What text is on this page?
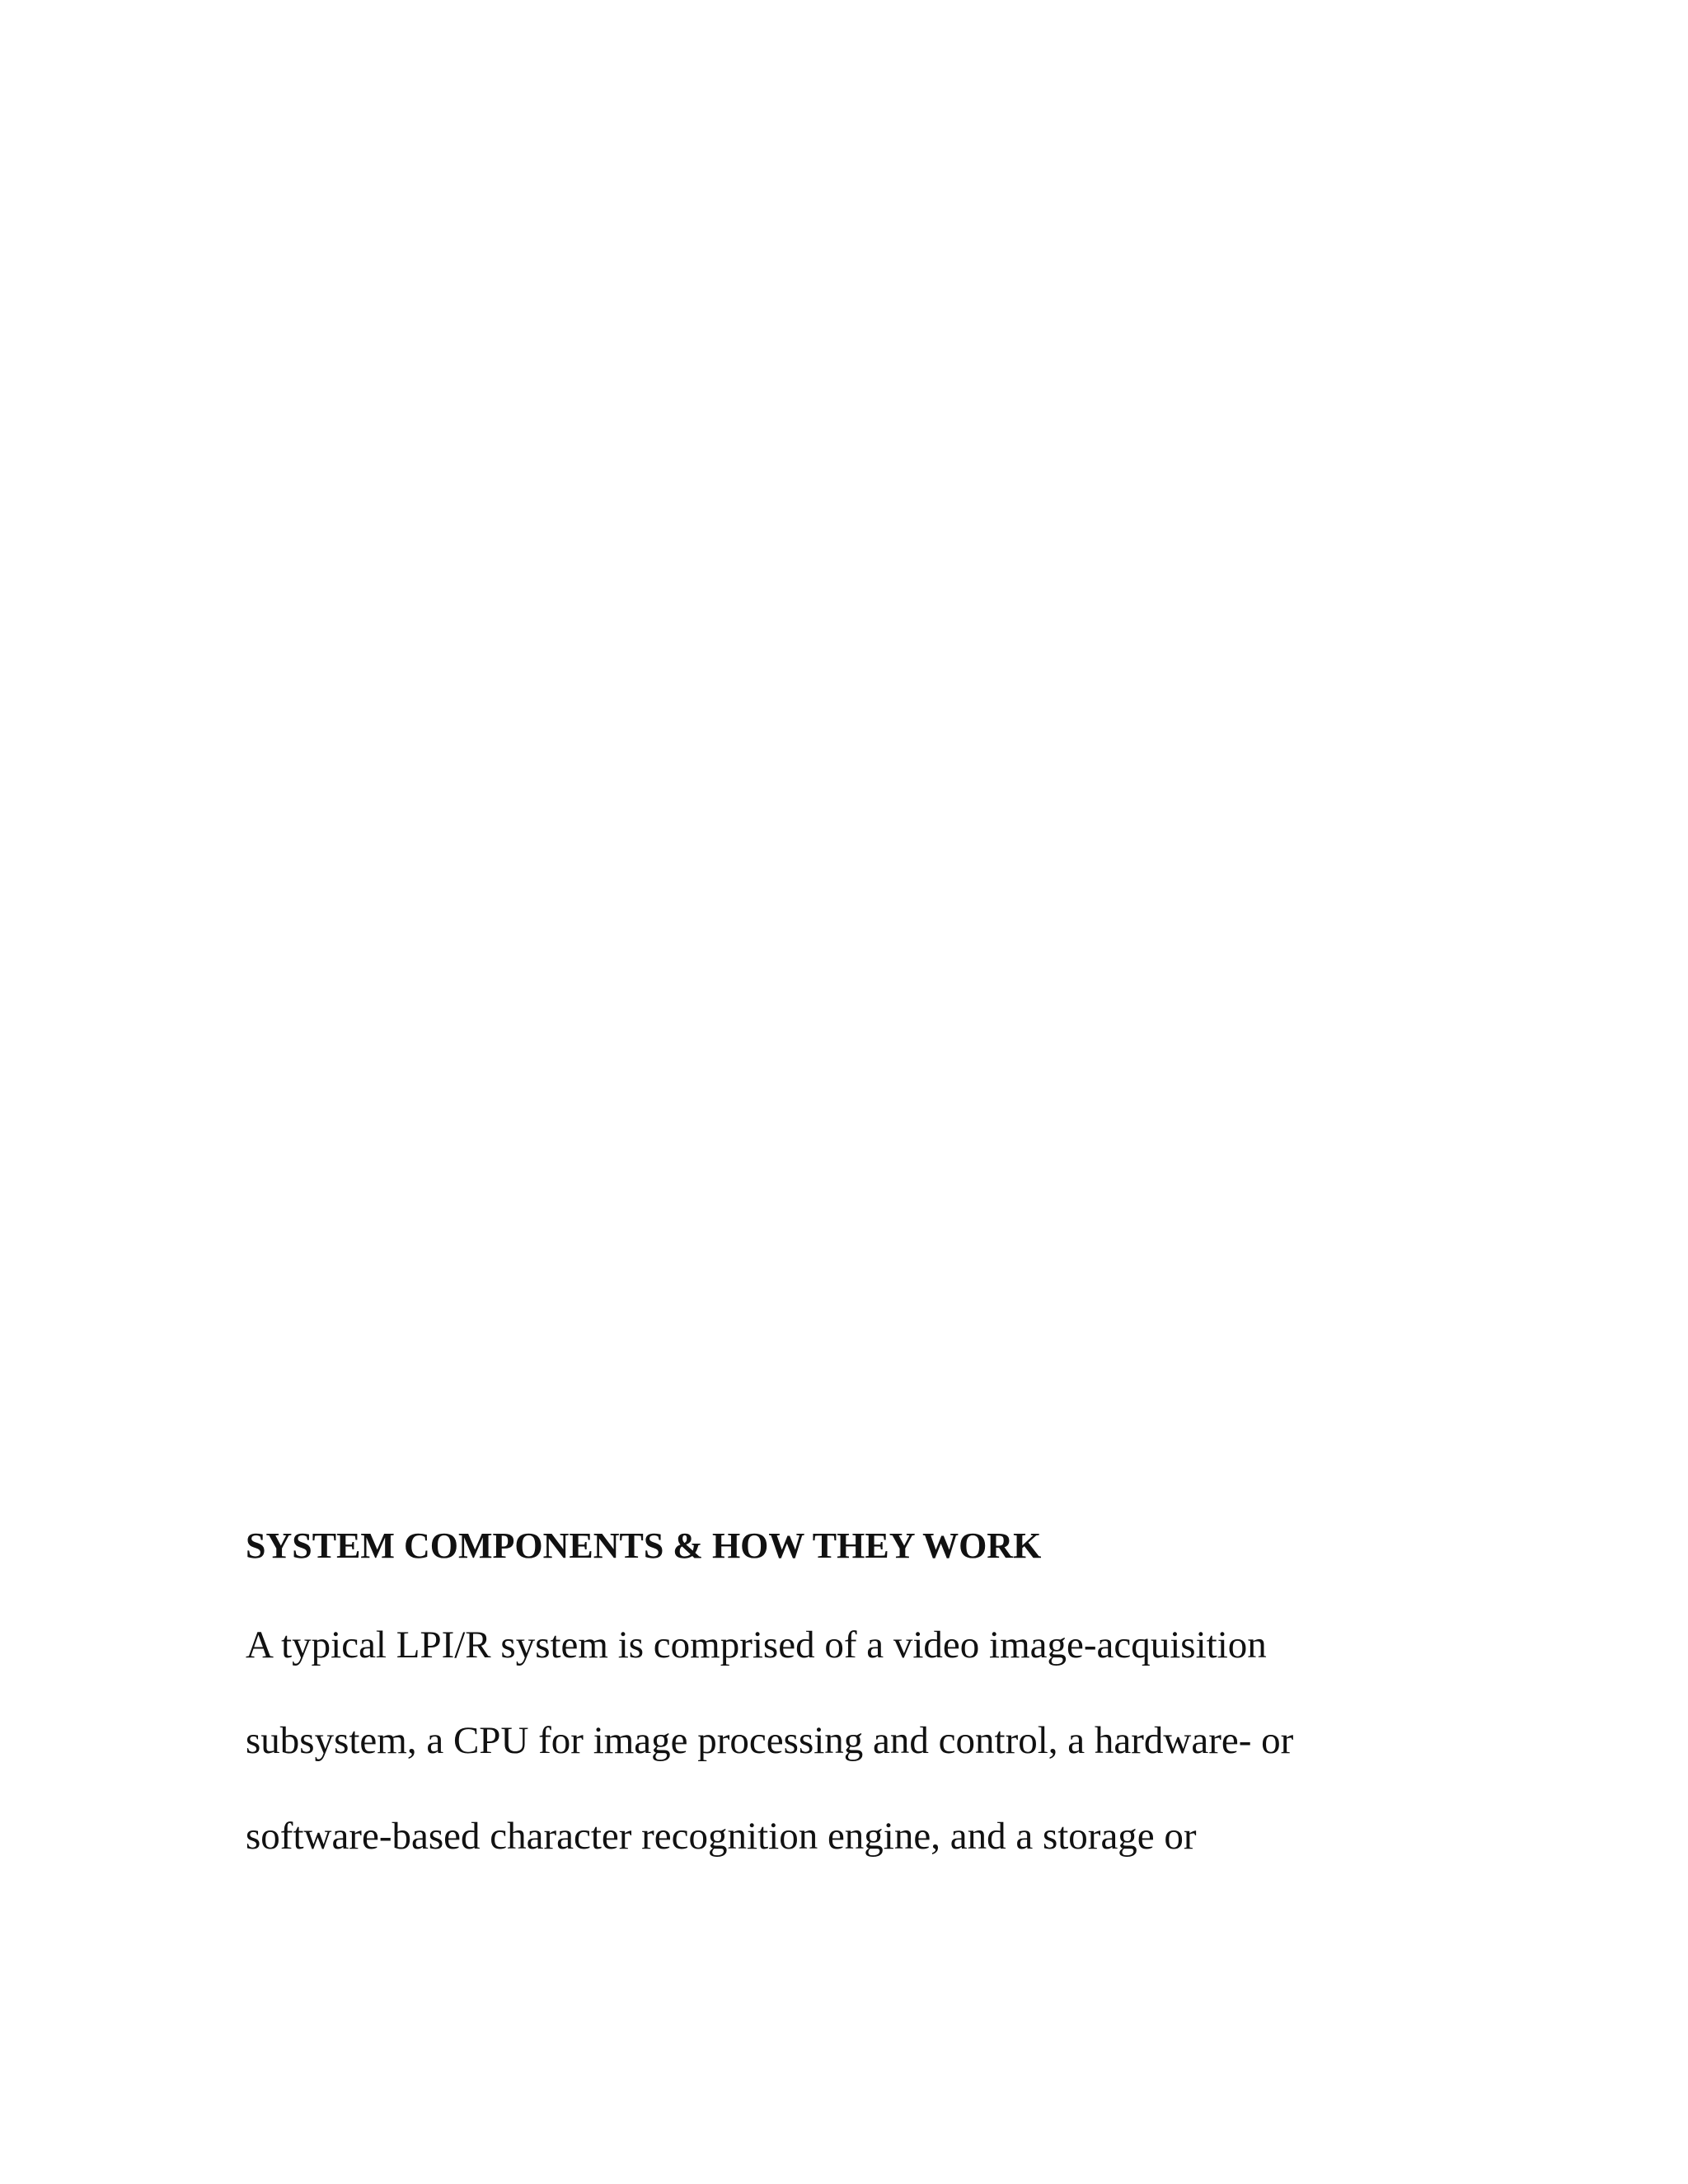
SYSTEM COMPONENTS & HOW THEY WORK
A typical LPI/R system is comprised of a video image-acquisition
subsystem, a CPU for image processing and control, a hardware- or
software-based character recognition engine, and a storage or
